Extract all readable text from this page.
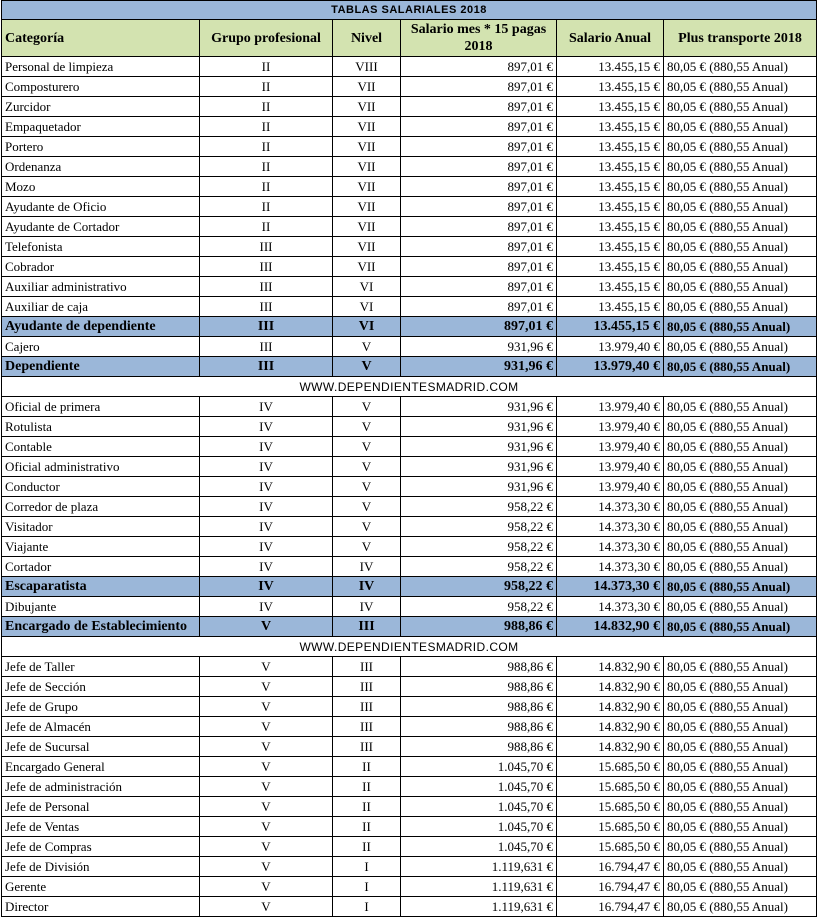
TABLAS SALARIALES 2018					
Categoría	Grupo profesional	Nivel	Salario mes * 15 pagas 2018	Salario Anual	Plus transporte 2018
Personal de limpieza	II	VIII	897,01 €	13.455,15 €	80,05 € (880,55 Anual)
Composturero	II	VII	897,01 €	13.455,15 €	80,05 € (880,55 Anual)
Zurcidor	II	VII	897,01 €	13.455,15 €	80,05 € (880,55 Anual)
Empaquetador	II	VII	897,01 €	13.455,15 €	80,05 € (880,55 Anual)
Portero	II	VII	897,01 €	13.455,15 €	80,05 € (880,55 Anual)
Ordenanza	II	VII	897,01 €	13.455,15 €	80,05 € (880,55 Anual)
Mozo	II	VII	897,01 €	13.455,15 €	80,05 € (880,55 Anual)
Ayudante de Oficio	II	VII	897,01 €	13.455,15 €	80,05 € (880,55 Anual)
Ayudante de Cortador	II	VII	897,01 €	13.455,15 €	80,05 € (880,55 Anual)
Telefonista	III	VII	897,01 €	13.455,15 €	80,05 € (880,55 Anual)
Cobrador	III	VII	897,01 €	13.455,15 €	80,05 € (880,55 Anual)
Auxiliar administrativo	III	VI	897,01 €	13.455,15 €	80,05 € (880,55 Anual)
Auxiliar de caja	III	VI	897,01 €	13.455,15 €	80,05 € (880,55 Anual)
Ayudante de dependiente	III	VI	897,01 €	13.455,15 €	80,05 € (880,55 Anual)
Cajero	III	V	931,96 €	13.979,40 €	80,05 € (880,55 Anual)
Dependiente	III	V	931,96 €	13.979,40 €	80,05 € (880,55 Anual)
WWW.DEPENDIENTESMADRID.COM					
Oficial de primera	IV	V	931,96 €	13.979,40 €	80,05 € (880,55 Anual)
Rotulista	IV	V	931,96 €	13.979,40 €	80,05 € (880,55 Anual)
Contable	IV	V	931,96 €	13.979,40 €	80,05 € (880,55 Anual)
Oficial administrativo	IV	V	931,96 €	13.979,40 €	80,05 € (880,55 Anual)
Conductor	IV	V	931,96 €	13.979,40 €	80,05 € (880,55 Anual)
Corredor de plaza	IV	V	958,22 €	14.373,30 €	80,05 € (880,55 Anual)
Visitador	IV	V	958,22 €	14.373,30 €	80,05 € (880,55 Anual)
Viajante	IV	V	958,22 €	14.373,30 €	80,05 € (880,55 Anual)
Cortador	IV	IV	958,22 €	14.373,30 €	80,05 € (880,55 Anual)
Escaparatista	IV	IV	958,22 €	14.373,30 €	80,05 € (880,55 Anual)
Dibujante	IV	IV	958,22 €	14.373,30 €	80,05 € (880,55 Anual)
Encargado de Establecimiento	V	III	988,86 €	14.832,90 €	80,05 € (880,55 Anual)
WWW.DEPENDIENTESMADRID.COM					
Jefe de Taller	V	III	988,86 €	14.832,90 €	80,05 € (880,55 Anual)
Jefe de Sección	V	III	988,86 €	14.832,90 €	80,05 € (880,55 Anual)
Jefe de Grupo	V	III	988,86 €	14.832,90 €	80,05 € (880,55 Anual)
Jefe de Almacén	V	III	988,86 €	14.832,90 €	80,05 € (880,55 Anual)
Jefe de Sucursal	V	III	988,86 €	14.832,90 €	80,05 € (880,55 Anual)
Encargado General	V	II	1.045,70 €	15.685,50 €	80,05 € (880,55 Anual)
Jefe de administración	V	II	1.045,70 €	15.685,50 €	80,05 € (880,55 Anual)
Jefe de Personal	V	II	1.045,70 €	15.685,50 €	80,05 € (880,55 Anual)
Jefe de Ventas	V	II	1.045,70 €	15.685,50 €	80,05 € (880,55 Anual)
Jefe de Compras	V	II	1.045,70 €	15.685,50 €	80,05 € (880,55 Anual)
Jefe de División	V	I	1.119,631 €	16.794,47 €	80,05 € (880,55 Anual)
Gerente	V	I	1.119,631 €	16.794,47 €	80,05 € (880,55 Anual)
Director	V	I	1.119,631 €	16.794,47 €	80,05 € (880,55 Anual)
